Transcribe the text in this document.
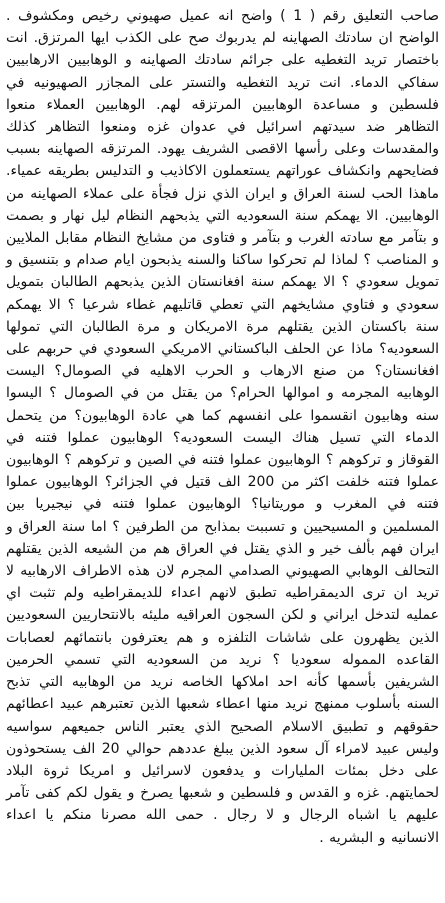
صاحب التعليق رقم ( 1 ) واضح انه عميل صهيوني رخيص ومكشوف . الواضح ان سادتك الصهاينه لم يدربوك صح على الكذب ايها المرتزق. انت باختصار تريد التغطيه على جرائم سادتك الصهاينه و الوهابيين الارهابيين سفاكي الدماء. انت تريد التغطيه والتستر على المجازر الصهيونيه في فلسطين و مساعدة الوهابيين المرتزقه لهم. الوهابيين العملاء منعوا التظاهر ضد سيدتهم اسرائيل في عدوان غزه ومنعوا التظاهر كذلك والمقدسات وعلى رأسها الاقصى الشريف يهود. المرتزقه الصهاينه بسبب فضايحهم وانكشاف عوراتهم يستعملون الاكاذيب و التدليس بطريقه عمياء. ماهذا الحب لسنة العراق و ايران الذي نزل فجأة على عملاء الصهاينه من الوهابيين. الا يهمكم سنة السعوديه التي يذبحهم النظام ليل نهار و بصمت و بتآمر مع سادته الغرب و بتآمر و فتاوى من مشايخ النظام مقابل الملايين و المناصب ؟ لماذا لم تحركوا ساكنا والسنه يذبحون ايام صدام و بتنسيق و تمويل سعودي ؟ الا يهمكم سنة افغانستان الذين يذبحهم الطالبان بتمويل سعودي و فتاوي مشايخهم التي تعطي قاتليهم غطاء شرعيا ؟ الا يهمكم سنة باكستان الذين يقتلهم مرة الامريكان و مرة الطالبان التي تمولها السعوديه؟ ماذا عن الحلف الباكستاني الامريكي السعودي في حربهم على افغانستان؟ من صنع الارهاب و الحرب الاهليه في الصومال؟ اليست الوهابيه المجرمه و اموالها الحرام؟ من يقتل من في الصومال ؟ اليسوا سنه وهابيون انقسموا على انفسهم كما هي عادة الوهابيون؟ من يتحمل الدماء التي تسيل هناك اليست السعوديه؟ الوهابيون عملوا فتنه في القوقاز و تركوهم ؟ الوهابيون عملوا فتنه في الصين و تركوهم ؟ الوهابيون عملوا فتنه خلفت اكثر من 200 الف قتيل في الجزائر؟ الوهابيون عملوا فتنه في المغرب و موريتانيا؟ الوهابيون عملوا فتنه في نيجيريا بين المسلمين و المسيحيين و تسببت بمذابح من الطرفين ؟ اما سنة العراق و ايران فهم بألف خير و الذي يقتل في العراق هم من الشيعه الذين يقتلهم التحالف الوهابي الصهيوني الصدامي المجرم لان هذه الاطراف الارهابيه لا تريد ان ترى الديمقراطيه تطبق لانهم اعداء للديمقراطيه ولم تثبت اي عمليه لتدخل ايراني و لكن السجون العراقيه مليئه بالانتحاريين السعوديين الذين يظهرون على شاشات التلفزه و هم يعترفون بانتمائهم لعصابات القاعده المموله سعوديا ؟ نريد من السعوديه التي تسمي الحرمين الشريفين بأسمها كأنه احد املاكها الخاصه نريد من الوهابيه التي تذبح السنه بأسلوب ممنهج نريد منها اعطاء شعبها الذين تعتبرهم عبيد اعطائهم حقوقهم و تطبيق الاسلام الصحيح الذي يعتبر الناس جميعهم سواسيه وليس عبيد لامراء آل سعود الذين يبلغ عددهم حوالي 20 الف يستحوذون على دخل بمئات المليارات و يدفعون لاسرائيل و امريكا ثروة البلاد لحمايتهم. غزه و القدس و فلسطين و شعبها يصرخ و يقول لكم كفى تآمر عليهم يا اشباه الرجال و لا رجال . حمى الله مصرنا منكم يا اعداء الانسانيه و البشريه .
